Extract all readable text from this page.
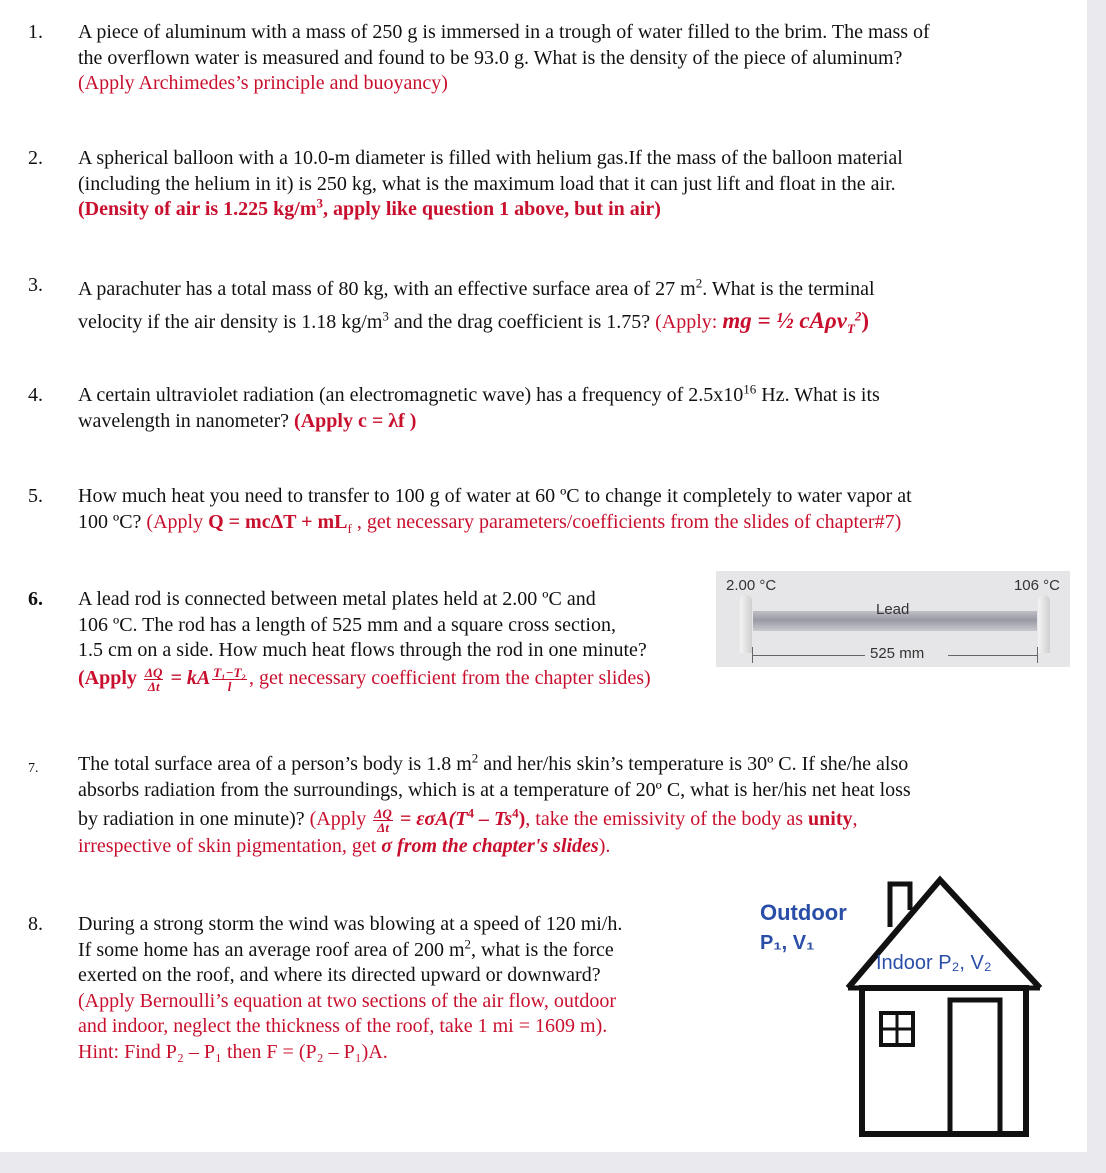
1. A piece of aluminum with a mass of 250 g is immersed in a trough of water filled to the brim. The mass of
the overflown water is measured and found to be 93.0 g. What is the density of the piece of aluminum?
(Apply Archimedes’s principle and buoyancy)
2. A spherical balloon with a 10.0-m diameter is filled with helium gas.If the mass of the balloon material
(including the helium in it) is 250 kg, what is the maximum load that it can just lift and float in the air.
(Density of air is 1.225 $kg/m^3$, apply like question 1 above, but in air)
3. A parachuter has a total mass of 80 kg, with an effective surface area of 27 $m^2$. What is the terminal
velocity if the air density is 1.18 $kg/m^3$ and the drag coefficient is 1.75? (Apply: mg = ½ cAρv$_T^2$)
4. A certain ultraviolet radiation (an electromagnetic wave) has a frequency of $2.5x10^{16}$ Hz. What is its
wavelength in nanometer? (Apply c = λf )
5. How much heat you need to transfer to 100 g of water at 60 ºC to change it completely to water vapor at
100 ºC? (Apply $Q = mc\Delta T + mL_f$ , get necessary parameters/coefficients from the slides of chapter#7)
6. A lead rod is connected between metal plates held at 2.00 ºC and
106 ºC. The rod has a length of 525 mm and a square cross section,
1.5 cm on a side. How much heat flows through the rod in one minute?
(Apply $\frac{\Delta Q}{\Delta t}$ = kA $\frac{\text{T₁−T₂}}{l}$ , get necessary coefficient from the chapter slides)
2.00 °C	106 °C
Lead
525 mm
7. The total surface area of a person’s body is 1.8 $m^2$ and her/his skin’s temperature is 30º C. If she/he also
absorbs radiation from the surroundings, which is at a temperature of 20º C, what is her/his net heat loss
by radiation in one minute)? (Apply $\frac{\Delta Q}{\Delta t} = \varepsilon\sigma A(T^4 - Ts^4)$, take the emissivity of the body as unity,
irrespective of skin pigmentation, get σ from the chapter's slides).
8. During a strong storm the wind was blowing at a speed of 120 mi/h.
If some home has an average roof area of 200 $m^2$, what is the force
exerted on the roof, and where its directed upward or downward?
(Apply Bernoulli’s equation at two sections of the air flow, outdoor
and indoor, neglect the thickness of the roof, take 1 mi = 1609 m).
Hint: Find P₂ – P₁ then F = (P₂ – P₁)A.
Outdoor
P₁, V₁
Indoor P₂, V₂
